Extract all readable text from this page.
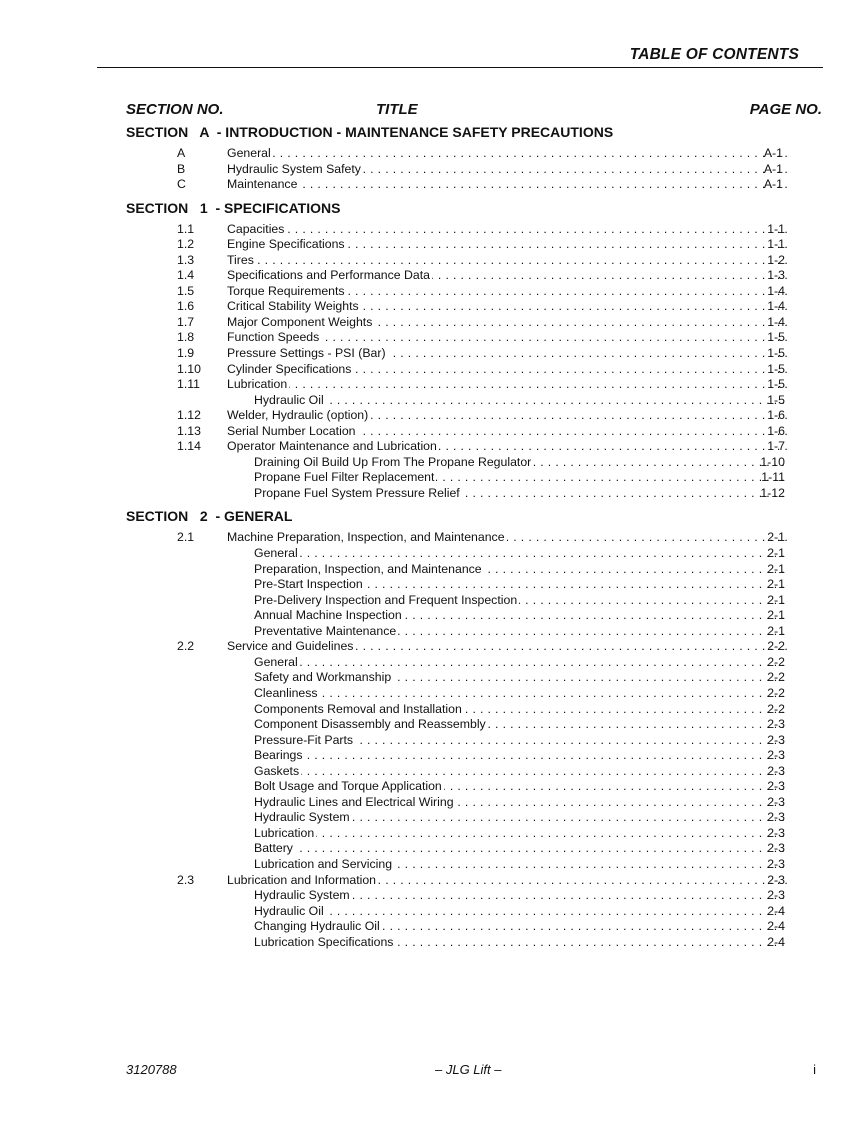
TABLE OF CONTENTS
SECTION NO.	TITLE	PAGE NO.
SECTION   A  - INTRODUCTION - MAINTENANCE SAFETY PRECAUTIONS
A	General . . .	A-1
B	Hydraulic System Safety . . .	A-1
C	Maintenance . . .	A-1
SECTION   1  - SPECIFICATIONS
1.1	Capacities . . .	1-1
1.2	Engine Specifications . . .	1-1
1.3	Tires . . .	1-2
1.4	Specifications and Performance Data . . .	1-3
1.5	Torque Requirements . . .	1-4
1.6	Critical Stability Weights . . .	1-4
1.7	Major Component Weights . . .	1-4
1.8	Function Speeds . . .	1-5
1.9	Pressure Settings - PSI (Bar) . . .	1-5
1.10 Cylinder Specifications . . .	1-5
1.11 Lubrication . . .	1-5
Hydraulic Oil . . .	1-5
1.12 Welder, Hydraulic (option) . . .	1-6
1.13 Serial Number Location . . .	1-6
1.14 Operator Maintenance and Lubrication . . .	1-7
Draining Oil Build Up From The Propane Regulator . . .	1-10
Propane Fuel Filter Replacement . . .	1-11
Propane Fuel System Pressure Relief . . .	1-12
SECTION   2  - GENERAL
2.1	Machine Preparation, Inspection, and Maintenance . . .	2-1
General . . .	2-1
Preparation, Inspection, and Maintenance . . .	2-1
Pre-Start Inspection . . .	2-1
Pre-Delivery Inspection and Frequent Inspection . . .	2-1
Annual Machine Inspection . . .	2-1
Preventative Maintenance . . .	2-1
2.2	Service and Guidelines . . .	2-2
General . . .	2-2
Safety and Workmanship . . .	2-2
Cleanliness . . .	2-2
Components Removal and Installation . . .	2-2
Component Disassembly and Reassembly . . .	2-3
Pressure-Fit Parts . . .	2-3
Bearings . . .	2-3
Gaskets . . .	2-3
Bolt Usage and Torque Application . . .	2-3
Hydraulic Lines and Electrical Wiring . . .	2-3
Hydraulic System . . .	2-3
Lubrication . . .	2-3
Battery . . .	2-3
Lubrication and Servicing . . .	2-3
2.3	Lubrication and Information . . .	2-3
Hydraulic System . . .	2-3
Hydraulic Oil . . .	2-4
Changing Hydraulic Oil . . .	2-4
Lubrication Specifications . . .	2-4
3120788	– JLG Lift –	i
